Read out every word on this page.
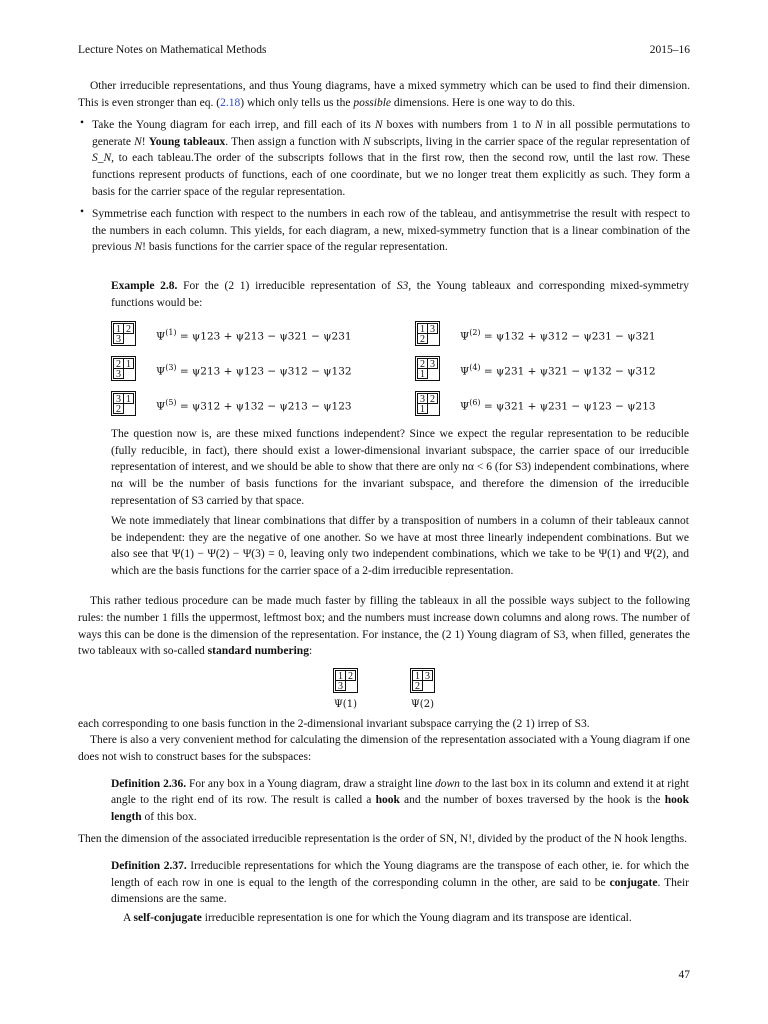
Lecture Notes on Mathematical Methods	2015–16

Other irreducible representations, and thus Young diagrams, have a mixed symmetry which can be used to find their dimension. This is even stronger than eq. (2.18) which only tells us the possible dimensions. Here is one way to do this.

• Take the Young diagram for each irrep, and fill each of its N boxes with numbers from 1 to N in all possible permutations to generate N! Young tableaux. Then assign a function with N subscripts, living in the carrier space of the regular representation of S_N, to each tableau.The order of the subscripts follows that in the first row, then the second row, until the last row. These functions represent products of functions, each of one coordinate, but we no longer treat them explicitly as such. They form a basis for the carrier space of the regular representation.

• Symmetrise each function with respect to the numbers in each row of the tableau, and antisymmetrise the result with respect to the numbers in each column. This yields, for each diagram, a new, mixed-symmetry function that is a linear combination of the previous N! basis functions for the carrier space of the regular representation.

Example 2.8. For the (2 1) irreducible representation of S3, the Young tableaux and corresponding mixed-symmetry functions would be:

1 2
3	$\Psi^{(1)} = \psi 123 + \psi 213 - \psi 321 - \psi 231$
1 3
2	$\Psi^{(2)} = \psi 132 + \psi 312 - \psi 231 - \psi 321$
2 1
3	$\Psi^{(3)} = \psi 213 + \psi 123 - \psi 312 - \psi 132$
2 3
1	$\Psi^{(4)} = \psi 231 + \psi 321 - \psi 132 - \psi 312$
3 1
2	$\Psi^{(5)} = \psi 312 + \psi 132 - \psi 213 - \psi 123$
3 2
1	$\Psi^{(6)} = \psi 321 + \psi 231 - \psi 123 - \psi 213$

The question now is, are these mixed functions independent? Since we expect the regular representation to be reducible (fully reducible, in fact), there should exist a lower-dimensional invariant subspace, the carrier space of our irreducible representation of interest, and we should be able to show that there are only nα < 6 (for S3) independent combinations, where nα will be the number of basis functions for the invariant subspace, and therefore the dimension of the irreducible representation of S3 carried by that space.

We note immediately that linear combinations that differ by a transposition of numbers in a column of their tableaux cannot be independent: they are the negative of one another. So we have at most three linearly independent combinations. But we also see that Ψ(1) − Ψ(2) − Ψ(3) = 0, leaving only two independent combinations, which we take to be Ψ(1) and Ψ(2), and which are the basis functions for the carrier space of a 2-dim irreducible representation.

This rather tedious procedure can be made much faster by filling the tableaux in all the possible ways subject to the following rules: the number 1 fills the uppermost, leftmost box; and the numbers must increase down columns and along rows. The number of ways this can be done is the dimension of the representation. For instance, the (2 1) Young diagram of S3, when filled, generates the two tableaux with so-called standard numbering:

1 2
3
Ψ(1)
1 3
2
Ψ(2)

each corresponding to one basis function in the 2-dimensional invariant subspace carrying the (2 1) irrep of S3.

There is also a very convenient method for calculating the dimension of the representation associated with a Young diagram if one does not wish to construct bases for the subspaces:

Definition 2.36. For any box in a Young diagram, draw a straight line down to the last box in its column and extend it at right angle to the right end of its row. The result is called a hook and the number of boxes traversed by the hook is the hook length of this box.

Then the dimension of the associated irreducible representation is the order of SN, N!, divided by the product of the N hook lengths.

Definition 2.37. Irreducible representations for which the Young diagrams are the transpose of each other, ie. for which the length of each row in one is equal to the length of the corresponding column in the other, are said to be conjugate. Their dimensions are the same.

A self-conjugate irreducible representation is one for which the Young diagram and its transpose are identical.

47
